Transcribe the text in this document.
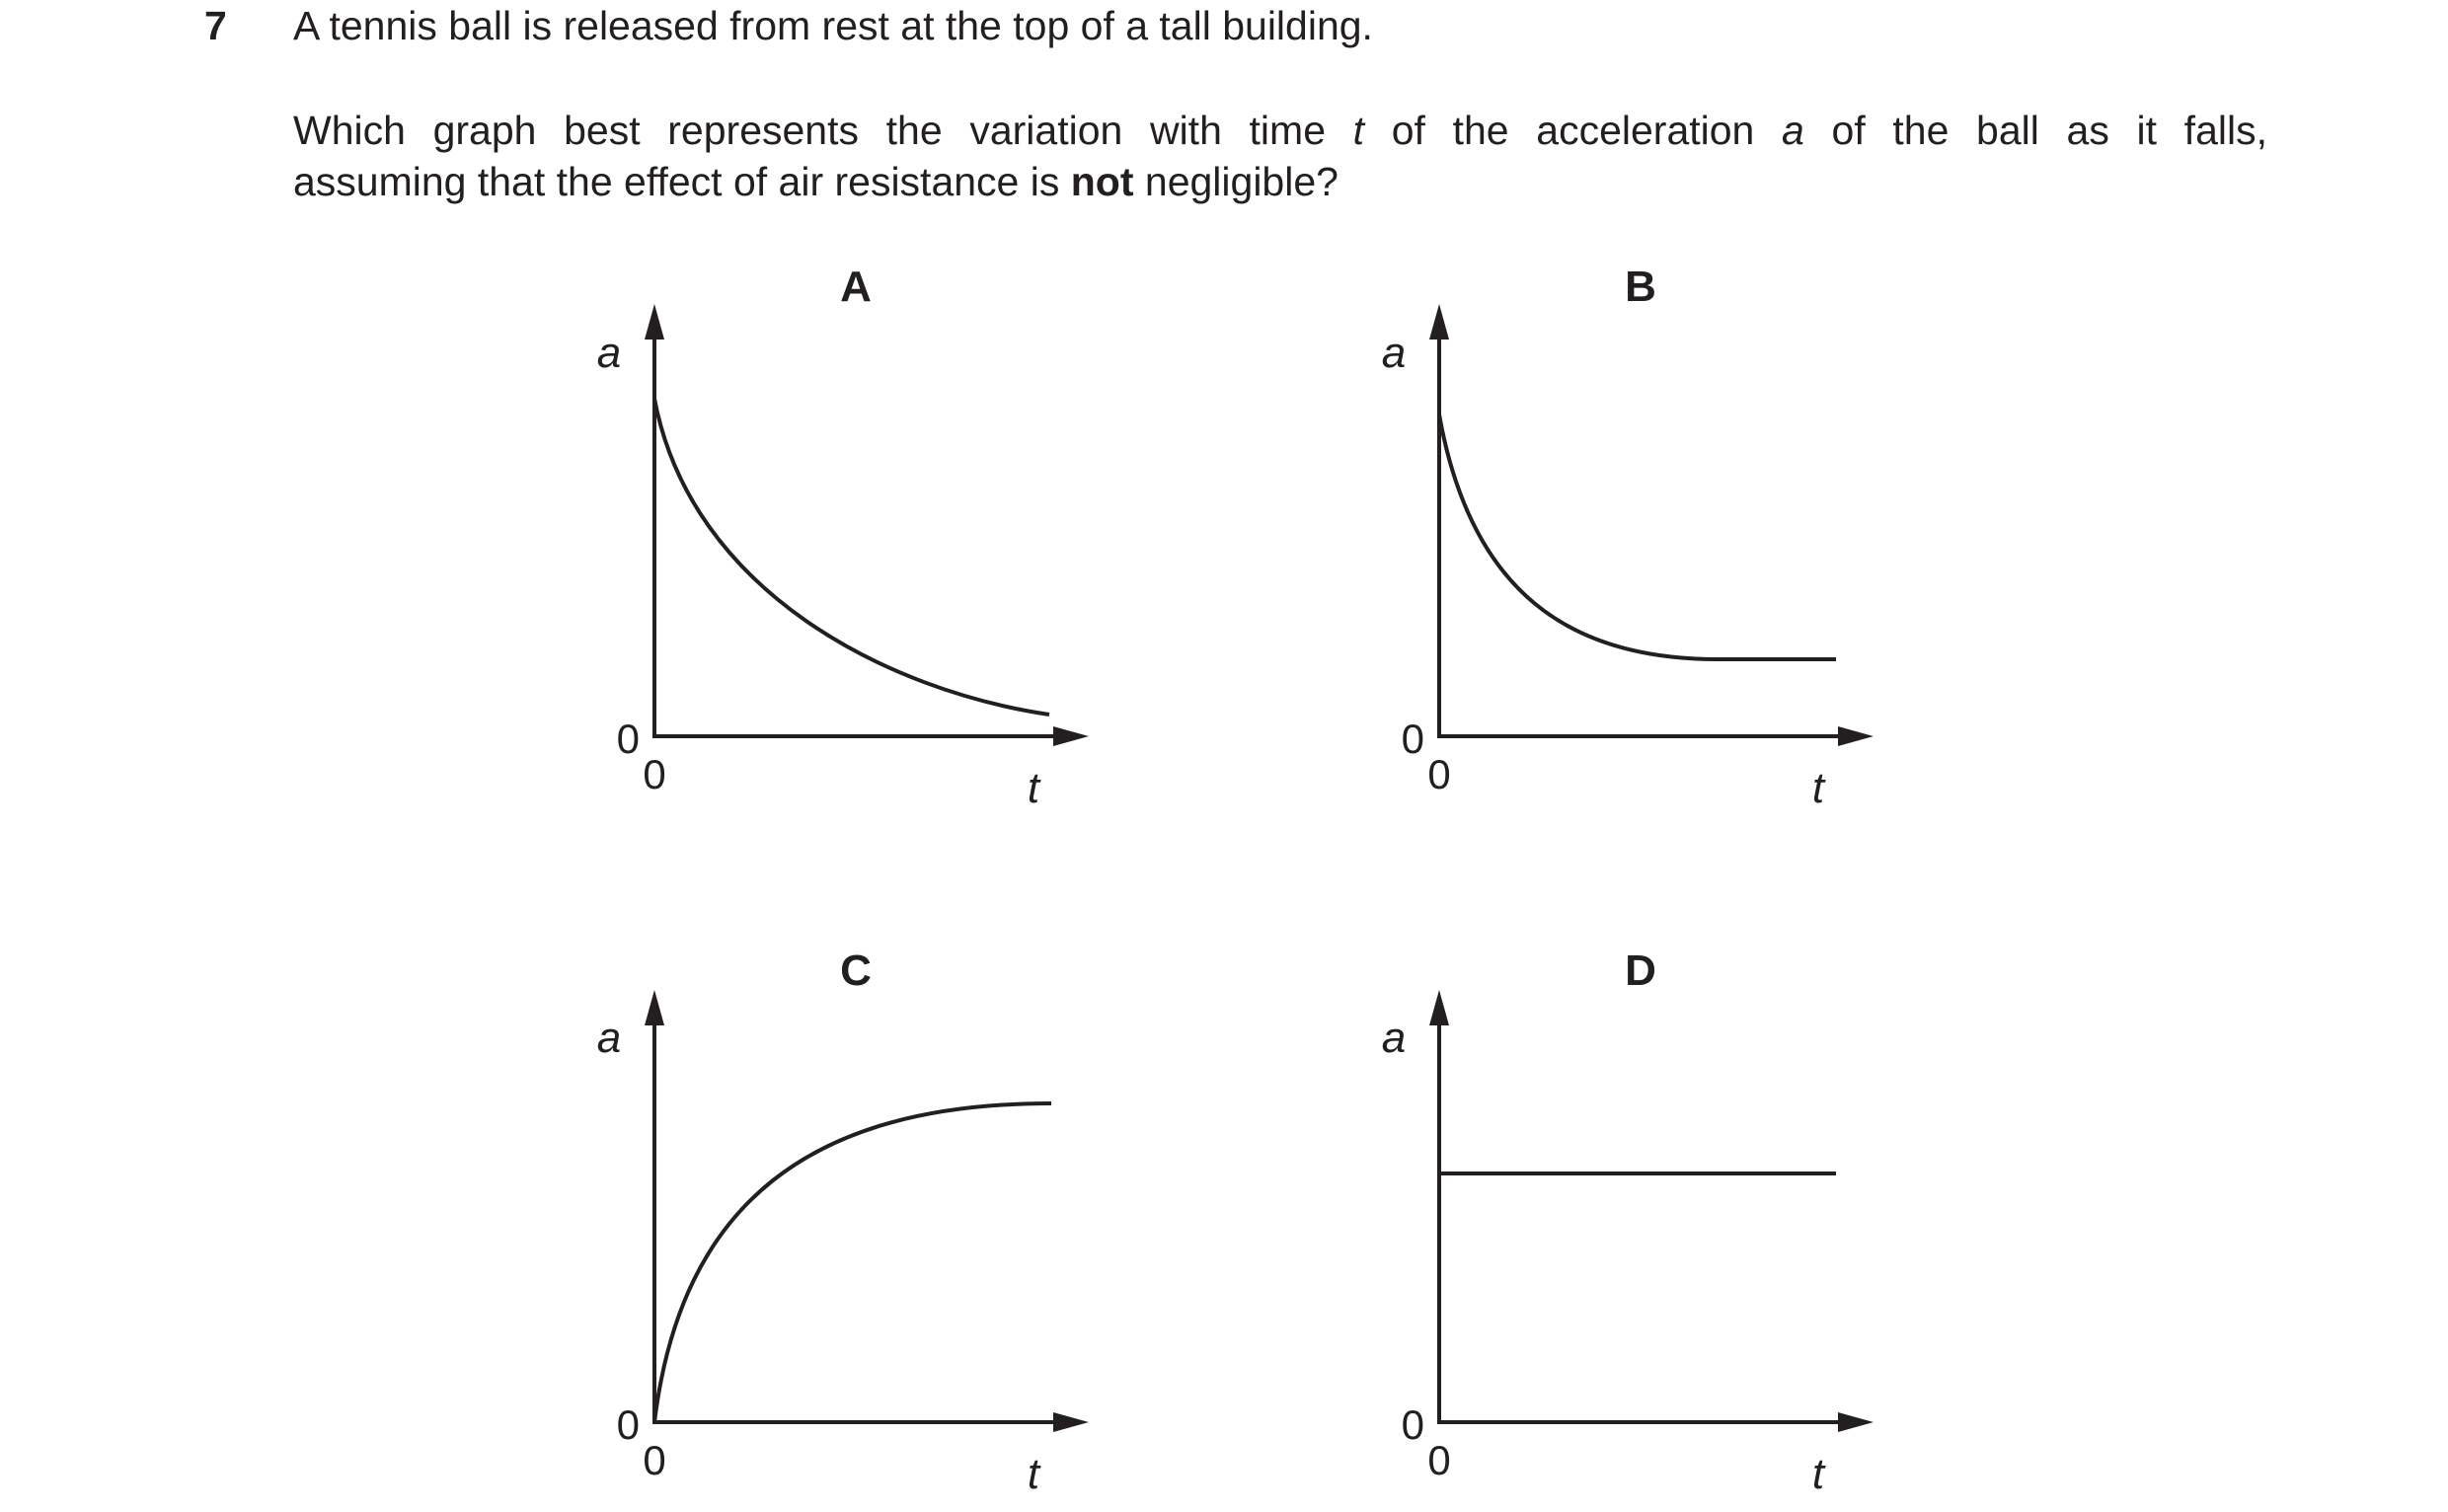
7 A tennis ball is released from rest at the top of a tall building.
Which graph best represents the variation with time t of the acceleration a of the ball as it falls,
assuming that the effect of air resistance is not negligible?
A
a
0
0	t
B
a
0
0	t
C
a
0
0	t
D
a
0
0	t
